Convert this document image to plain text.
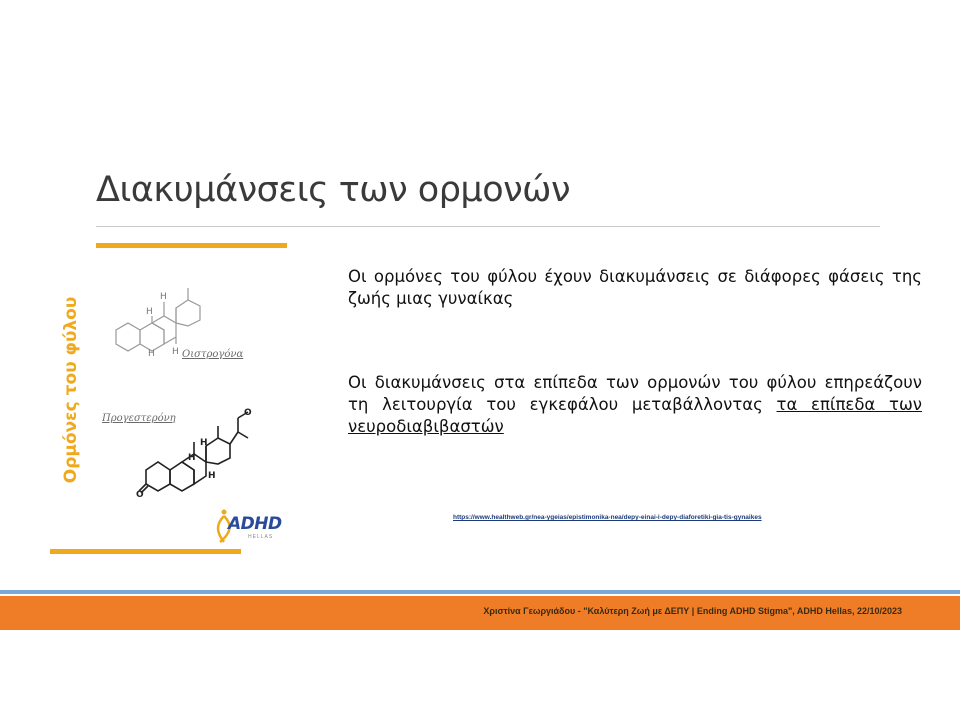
Διακυμάνσεις των ορμονών
Ορμόνες του φύλου	H
H
H H Οιστρογόνα
Προγεστερόνη	O
H
H
H
O
ADHD
HELLAS

Οι ορμόνες του φύλου έχουν διακυμάνσεις σε διάφορες φάσεις της ζωής μιας γυναίκας

Οι διακυμάνσεις στα επίπεδα των ορμονών του φύλου επηρεάζουν τη λειτουργία του εγκεφάλου μεταβάλλοντας τα επίπεδα των νευροδιαβιβαστών

https://www.healthweb.gr/nea-ygeias/epistimonika-nea/depy-einai-i-depy-diaforetiki-gia-tis-gynaikes
Χριστίνα Γεωργιάδου - "Καλύτερη Ζωή με ΔΕΠΥ | Ending ADHD Stigma", ADHD Hellas, 22/10/2023
